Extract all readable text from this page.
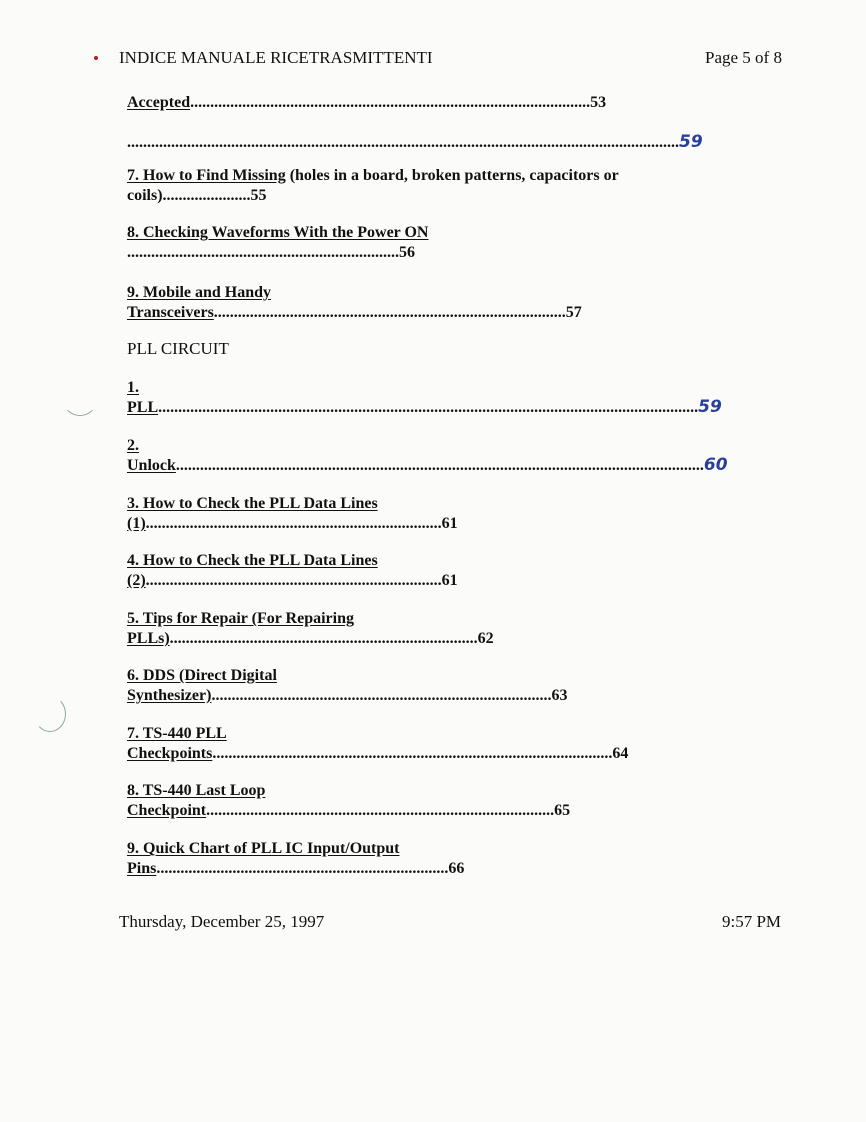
INDICE MANUALE RICETRASMITTENTI	Page 5 of 8
Accepted....................................................................................................53
..........................................................................................................................................59
7. How to Find Missing (holes in a board, broken patterns, capacitors or
coils)......................55
8. Checking Waveforms With the Power ON
....................................................................56
9. Mobile and Handy
Transceivers........................................................................................57
PLL CIRCUIT
1.
PLL.......................................................................................................................................59
2.
Unlock....................................................................................................................................60
3. How to Check the PLL Data Lines
(1)..........................................................................61
4. How to Check the PLL Data Lines
(2)..........................................................................61
5. Tips for Repair (For Repairing
PLLs).............................................................................62
6. DDS (Direct Digital
Synthesizer).....................................................................................63
7. TS-440 PLL
Checkpoints....................................................................................................64
8. TS-440 Last Loop
Checkpoint.......................................................................................65
9. Quick Chart of PLL IC Input/Output
Pins.........................................................................66
Thursday, December 25, 1997	9:57 PM
